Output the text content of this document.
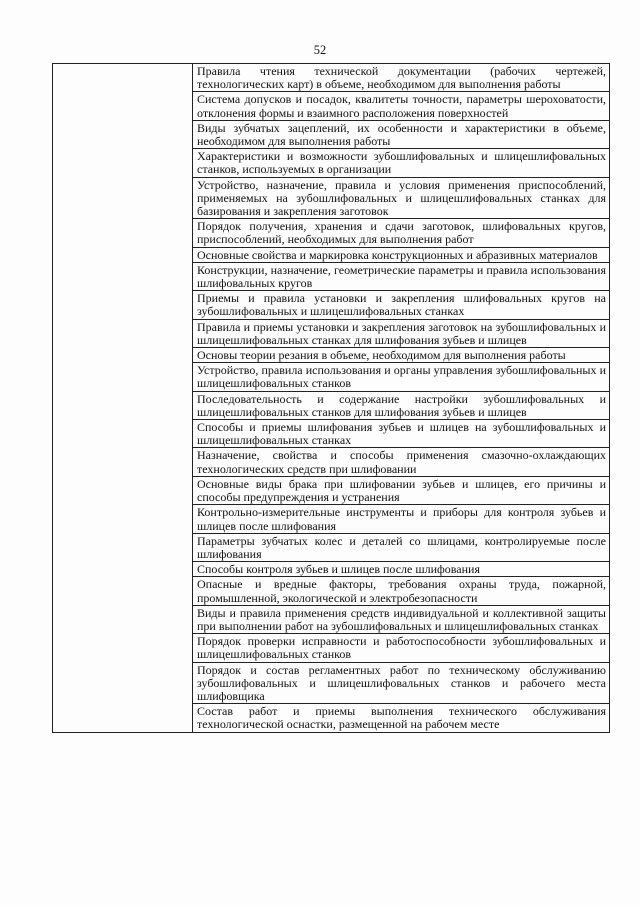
52
	Правила чтения технической документации (рабочих чертежей, технологических карт) в объеме, необходимом для выполнения работы
Система допусков и посадок, квалитеты точности, параметры шероховатости, отклонения формы и взаимного расположения поверхностей
Виды зубчатых зацеплений, их особенности и характеристики в объеме, необходимом для выполнения работы
Характеристики и возможности зубошлифовальных и шлицешлифовальных станков, используемых в организации
Устройство, назначение, правила и условия применения приспособлений, применяемых на зубошлифовальных и шлицешлифовальных станках для базирования и закрепления заготовок
Порядок получения, хранения и сдачи заготовок, шлифовальных кругов, приспособлений, необходимых для выполнения работ
Основные свойства и маркировка конструкционных и абразивных материалов
Конструкции, назначение, геометрические параметры и правила использования шлифовальных кругов
Приемы и правила установки и закрепления шлифовальных кругов на зубошлифовальных и шлицешлифовальных станках
Правила и приемы установки и закрепления заготовок на зубошлифовальных и шлицешлифовальных станках для шлифования зубьев и шлицев
Основы теории резания в объеме, необходимом для выполнения работы
Устройство, правила использования и органы управления зубошлифовальных и шлицешлифовальных станков
Последовательность и содержание настройки зубошлифовальных и шлицешлифовальных станков для шлифования зубьев и шлицев
Способы и приемы шлифования зубьев и шлицев на зубошлифовальных и шлицешлифовальных станках
Назначение, свойства и способы применения смазочно-охлаждающих технологических средств при шлифовании
Основные виды брака при шлифовании зубьев и шлицев, его причины и способы предупреждения и устранения
Контрольно-измерительные инструменты и приборы для контроля зубьев и шлицев после шлифования
Параметры зубчатых колес и деталей со шлицами, контролируемые после шлифования
Способы контроля зубьев и шлицев после шлифования
Опасные и вредные факторы, требования охраны труда, пожарной, промышленной, экологической и электробезопасности
Виды и правила применения средств индивидуальной и коллективной защиты при выполнении работ на зубошлифовальных и шлицешлифовальных станках
Порядок проверки исправности и работоспособности зубошлифовальных и шлицешлифовальных станков
Порядок и состав регламентных работ по техническому обслуживанию зубошлифовальных и шлицешлифовальных станков и рабочего места шлифовщика
Состав работ и приемы выполнения технического обслуживания технологической оснастки, размещенной на рабочем месте
